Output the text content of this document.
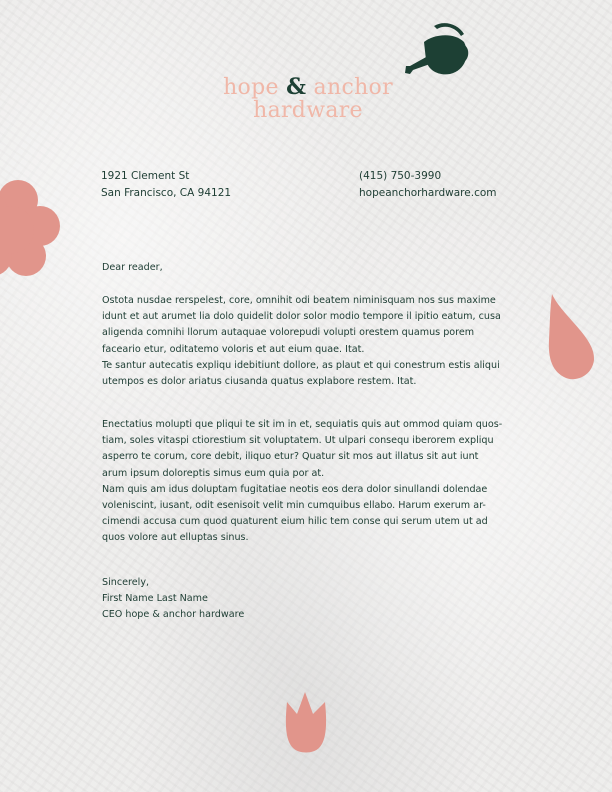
hope & anchor
hardware
1921 Clement St
San Francisco, CA 94121
(415) 750-3990
hopeanchorhardware.com

Dear reader,

Ostota nusdae rerspelest, core, omnihit odi beatem niminisquam nos sus maxime
idunt et aut arumet lia dolo quidelit dolor solor modio tempore il ipitio eatum, cusa
aligenda comnihi llorum autaquae volorepudi volupti orestem quamus porem
faceario etur, oditatemo voloris et aut eium quae. Itat.
Te santur autecatis expliqu idebitiunt dollore, as plaut et qui conestrum estis aliqui
utempos es dolor ariatus ciusanda quatus explabore restem. Itat.
Enectatius molupti que pliqui te sit im in et, sequiatis quis aut ommod quiam quos-
tiam, soles vitaspi ctiorestium sit voluptatem. Ut ulpari consequ iberorem expliqu
asperro te corum, core debit, iliquo etur? Quatur sit mos aut illatus sit aut iunt
arum ipsum doloreptis simus eum quia por at.
Nam quis am idus doluptam fugitatiae neotis eos dera dolor sinullandi dolendae
voleniscint, iusant, odit esenisoit velit min cumquibus ellabo. Harum exerum ar-
cimendi accusa cum quod quaturent eium hilic tem conse qui serum utem ut ad
quos volore aut elluptas sinus.
Sincerely,
First Name Last Name
CEO hope & anchor hardware
